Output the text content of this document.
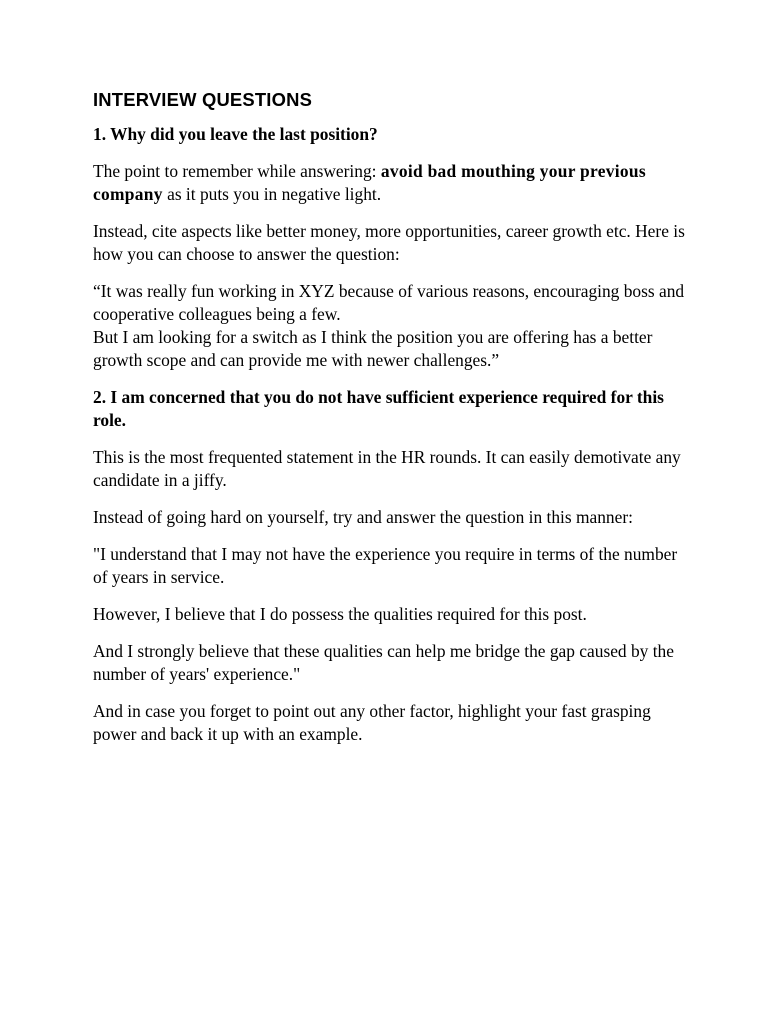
INTERVIEW QUESTIONS
1. Why did you leave the last position?

The point to remember while answering: avoid bad mouthing your previous company as it puts you in negative light.

Instead, cite aspects like better money, more opportunities, career growth etc. Here is how you can choose to answer the question:

“It was really fun working in XYZ because of various reasons, encouraging boss and cooperative colleagues being a few.
But I am looking for a switch as I think the position you are offering has a better growth scope and can provide me with newer challenges.”

2. I am concerned that you do not have sufficient experience required for this role.

This is the most frequented statement in the HR rounds. It can easily demotivate any candidate in a jiffy.

Instead of going hard on yourself, try and answer the question in this manner:

"I understand that I may not have the experience you require in terms of the number of years in service.

However, I believe that I do possess the qualities required for this post.

And I strongly believe that these qualities can help me bridge the gap caused by the number of years' experience."

And in case you forget to point out any other factor, highlight your fast grasping power and back it up with an example.
